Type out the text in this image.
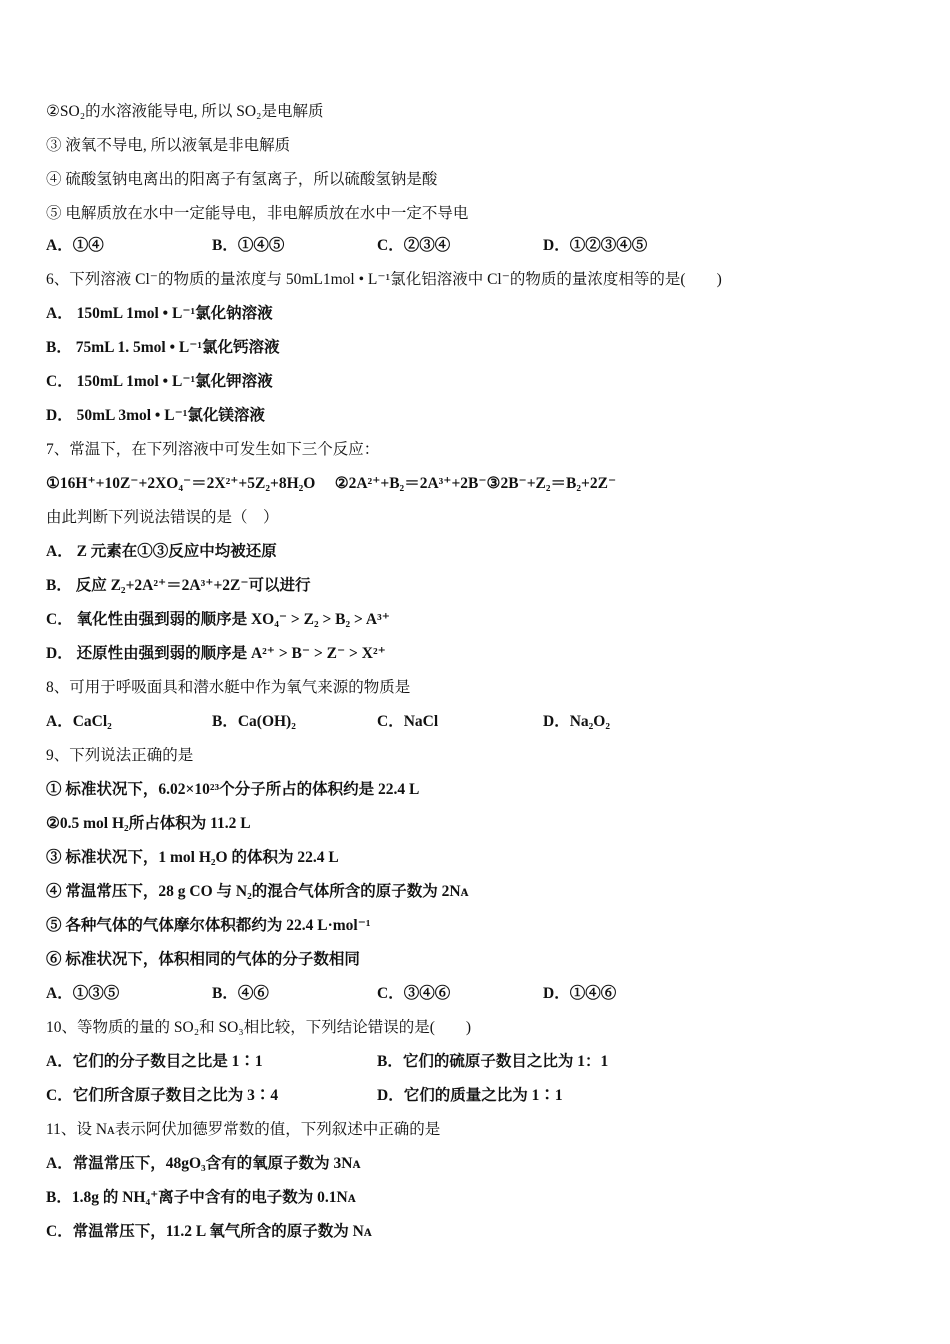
②SO₂的水溶液能导电, 所以 SO₂是电解质
③ 液氧不导电, 所以液氧是非电解质
④ 硫酸氢钠电离出的阳离子有氢离子，所以硫酸氢钠是酸
⑤ 电解质放在水中一定能导电，非电解质放在水中一定不导电
A．①④	B．①④⑤	C．②③④	D．①②③④⑤
6、下列溶液 Cl⁻的物质的量浓度与 50mL1mol • L⁻¹氯化铝溶液中 Cl⁻的物质的量浓度相等的是(　　)
A． 150mL 1mol • L⁻¹氯化钠溶液
B． 75mL 1. 5mol • L⁻¹氯化钙溶液
C． 150mL 1mol • L⁻¹氯化钾溶液
D． 50mL 3mol • L⁻¹氯化镁溶液
7、常温下，在下列溶液中可发生如下三个反应：
①16H⁺+10Z⁻+2XO₄⁻＝2X²⁺+5Z₂+8H₂O　 ②2A²⁺+B₂＝2A³⁺+2B⁻③2B⁻+Z₂＝B₂+2Z⁻
由此判断下列说法错误的是（　）
A． Z 元素在①③反应中均被还原
B． 反应 Z₂+2A²⁺＝2A³⁺+2Z⁻可以进行
C． 氧化性由强到弱的顺序是 XO₄⁻ > Z₂ > B₂ > A³⁺
D． 还原性由强到弱的顺序是 A²⁺ > B⁻ > Z⁻ > X²⁺
8、可用于呼吸面具和潜水艇中作为氧气来源的物质是
A．CaCl₂	B．Ca(OH)₂	C．NaCl	D．Na₂O₂
9、下列说法正确的是
① 标准状况下，6.02×10²³个分子所占的体积约是 22.4 L
②0.5 mol H₂所占体积为 11.2 L
③ 标准状况下，1 mol H₂O 的体积为 22.4 L
④ 常温常压下，28 g CO 与 N₂的混合气体所含的原子数为 2Nᴀ
⑤ 各种气体的气体摩尔体积都约为 22.4 L·mol⁻¹
⑥ 标准状况下，体积相同的气体的分子数相同
A．①③⑤	B．④⑥	C．③④⑥	D．①④⑥
10、等物质的量的 SO₂和 SO₃相比较，下列结论错误的是(　　)
A．它们的分子数目之比是 1∶1	B．它们的硫原子数目之比为 1：1
C．它们所含原子数目之比为 3∶4	D．它们的质量之比为 1∶1
11、设 Nᴀ表示阿伏加德罗常数的值，下列叙述中正确的是
A．常温常压下，48gO₃含有的氧原子数为 3Nᴀ
B．1.8g 的 NH₄⁺离子中含有的电子数为 0.1Nᴀ
C．常温常压下，11.2 L 氧气所含的原子数为 Nᴀ
